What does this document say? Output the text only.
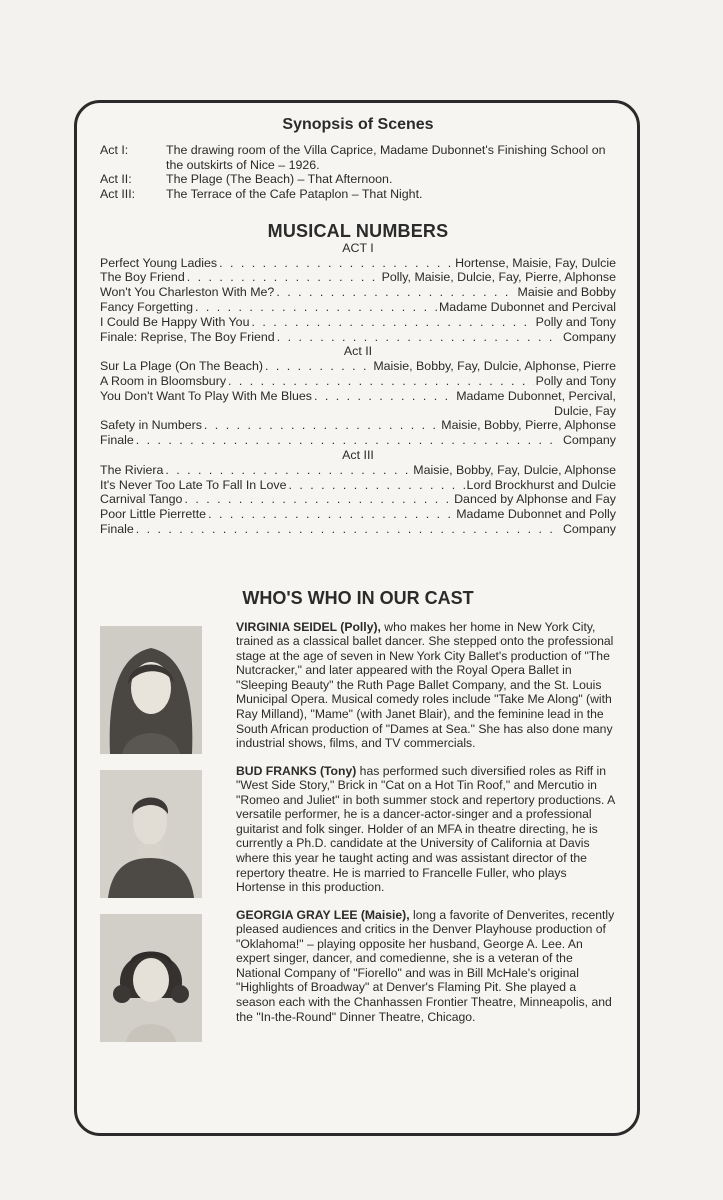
Synopsis of Scenes
Act I:	The drawing room of the Villa Caprice, Madame Dubonnet's Finishing School on the outskirts of Nice – 1926.
Act II:	The Plage (The Beach) – That Afternoon.
Act III:	The Terrace of the Cafe Pataplon – That Night.
MUSICAL NUMBERS
ACT I
Perfect Young Ladies . . .	Hortense, Maisie, Fay, Dulcie
The Boy Friend . . .	Polly, Maisie, Dulcie, Fay, Pierre, Alphonse
Won't You Charleston With Me? . . .	Maisie and Bobby
Fancy Forgetting . . .	Madame Dubonnet and Percival
I Could Be Happy With You . . .	Polly and Tony
Finale: Reprise, The Boy Friend . . .	Company
Act II
Sur La Plage (On The Beach) . . .	Maisie, Bobby, Fay, Dulcie, Alphonse, Pierre
A Room in Bloomsbury . . .	Polly and Tony
You Don't Want To Play With Me Blues . . .	Madame Dubonnet, Percival,
Dulcie, Fay
Safety in Numbers . . .	Maisie, Bobby, Pierre, Alphonse
Finale . . .	Company
Act III
The Riviera . . .	Maisie, Bobby, Fay, Dulcie, Alphonse
It's Never Too Late To Fall In Love . . .	Lord Brockhurst and Dulcie
Carnival Tango . . .	Danced by Alphonse and Fay
Poor Little Pierrette . . .	Madame Dubonnet and Polly
Finale . . .	Company
WHO'S WHO IN OUR CAST
VIRGINIA SEIDEL (Polly), who makes her home in New York City, trained as a classical ballet dancer. She stepped onto the professional stage at the age of seven in New York City Ballet's production of "The Nutcracker," and later appeared with the Royal Opera Ballet in "Sleeping Beauty" the Ruth Page Ballet Company, and the St. Louis Municipal Opera. Musical comedy roles include "Take Me Along" (with Ray Milland), "Mame" (with Janet Blair), and the feminine lead in the South African production of "Dames at Sea." She has also done many industrial shows, films, and TV commercials.
BUD FRANKS (Tony) has performed such diversified roles as Riff in "West Side Story," Brick in "Cat on a Hot Tin Roof," and Mercutio in "Romeo and Juliet" in both summer stock and repertory productions. A versatile performer, he is a dancer-actor-singer and a professional guitarist and folk singer. Holder of an MFA in theatre directing, he is currently a Ph.D. candidate at the University of California at Davis where this year he taught acting and was assistant director of the repertory theatre. He is married to Francelle Fuller, who plays Hortense in this production.
GEORGIA GRAY LEE (Maisie), long a favorite of Denverites, recently pleased audiences and critics in the Denver Playhouse production of "Oklahoma!" – playing opposite her husband, George A. Lee. An expert singer, dancer, and comedienne, she is a veteran of the National Company of "Fiorello" and was in Bill McHale's original "Highlights of Broadway" at Denver's Flaming Pit. She played a season each with the Chanhassen Frontier Theatre, Minneapolis, and the "In-the-Round" Dinner Theatre, Chicago.
